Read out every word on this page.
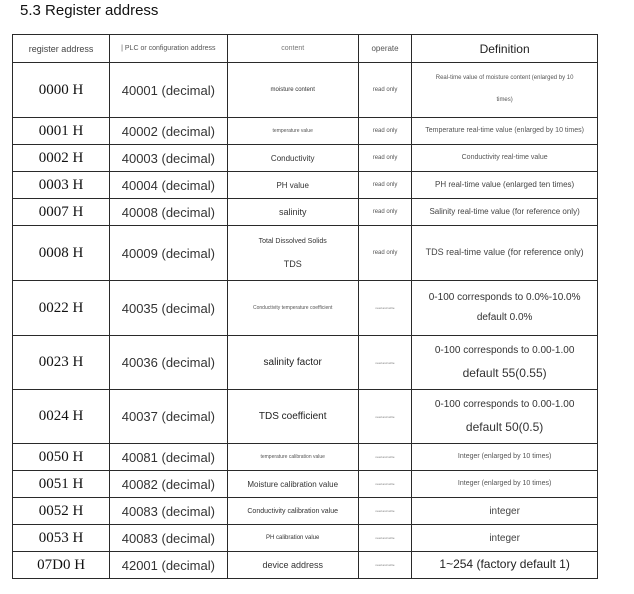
5.3 Register address
register address	| PLC or configuration address	content	operate	Definition
0000 H	40001 (decimal)	moisture content	read only	Real-time value of moisture content (enlarged by 10
times)

0001 H	40002 (decimal)	temperature value	read only	Temperature real-time value (enlarged by 10 times)

0002 H	40003 (decimal)	Conductivity	read only	Conductivity real-time value

0003 H	40004 (decimal)	PH value	read only	PH real-time value (enlarged ten times)

0007 H	40008 (decimal)	salinity	read only	Salinity real-time value (for reference only)

0008 H	40009 (decimal)	Total Dissolved Solids
TDS	read only	TDS real-time value (for reference only)

0022 H	40035 (decimal)	Conductivity temperature coefficient	read and write	0-100 corresponds to 0.0%-10.0%
default 0.0%

0023 H	40036 (decimal)	salinity factor	read and write	0-100 corresponds to 0.00-1.00
default 55(0.55)

0024 H	40037 (decimal)	TDS coefficient	read and write	0-100 corresponds to 0.00-1.00
default 50(0.5)

0050 H	40081 (decimal)	temperature calibration value	read and write	Integer (enlarged by 10 times)

0051 H	40082 (decimal)	Moisture calibration value	read and write	Integer (enlarged by 10 times)

0052 H	40083 (decimal)	Conductivity calibration value	read and write	integer

0053 H	40083 (decimal)	PH calibration value	read and write	integer

07D0 H	42001 (decimal)	device address	read and write	1~254 (factory default 1)
